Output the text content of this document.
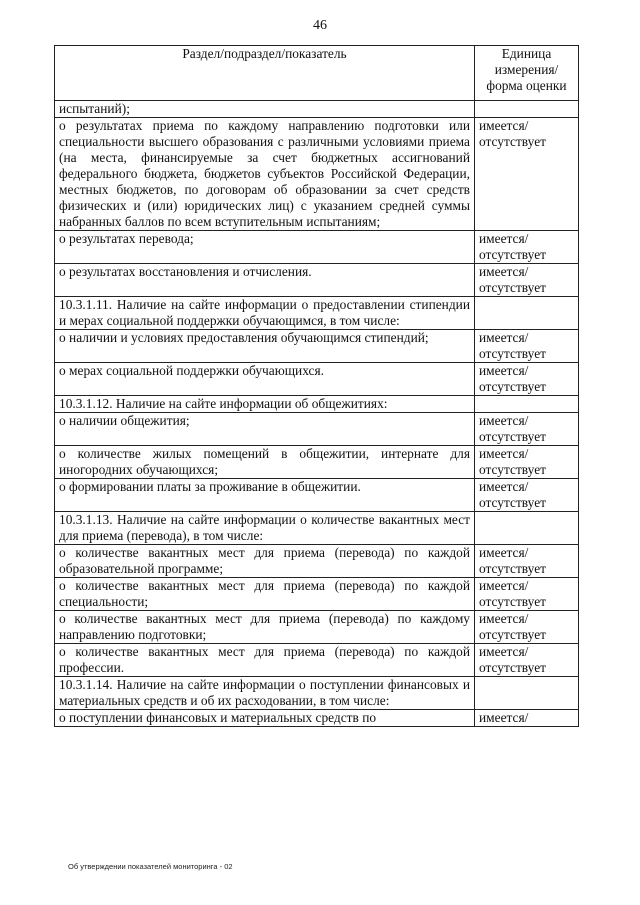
46
Раздел/подраздел/показатель	Единица измерения/ форма оценки
испытаний);	
о результатах приема по каждому направлению подготовки или специальности высшего образования с различными условиями приема (на места, финансируемые за счет бюджетных ассигнований федерального бюджета, бюджетов субъектов Российской Федерации, местных бюджетов, по договорам об образовании за счет средств физических и (или) юридических лиц) с указанием средней суммы набранных баллов по всем вступительным испытаниям;	имеется/ отсутствует
о результатах перевода;	имеется/ отсутствует
о результатах восстановления и отчисления.	имеется/ отсутствует
10.3.1.11. Наличие на сайте информации о предоставлении стипендии и мерах социальной поддержки обучающимся, в том числе:	
о наличии и условиях предоставления обучающимся стипендий;	имеется/ отсутствует
о мерах социальной поддержки обучающихся.	имеется/ отсутствует
10.3.1.12. Наличие на сайте информации об общежитиях:	
о наличии общежития;	имеется/ отсутствует
о количестве жилых помещений в общежитии, интернате для иногородних обучающихся;	имеется/ отсутствует
о формировании платы за проживание в общежитии.	имеется/ отсутствует
10.3.1.13. Наличие на сайте информации о количестве вакантных мест для приема (перевода), в том числе:	
о количестве вакантных мест для приема (перевода) по каждой образовательной программе;	имеется/ отсутствует
о количестве вакантных мест для приема (перевода) по каждой специальности;	имеется/ отсутствует
о количестве вакантных мест для приема (перевода) по каждому направлению подготовки;	имеется/ отсутствует
о количестве вакантных мест для приема (перевода) по каждой профессии.	имеется/ отсутствует
10.3.1.14. Наличие на сайте информации о поступлении финансовых и материальных средств и об их расходовании, в том числе:	
о поступлении финансовых и материальных средств по	имеется/
Об утверждении показателей мониторинга - 02
